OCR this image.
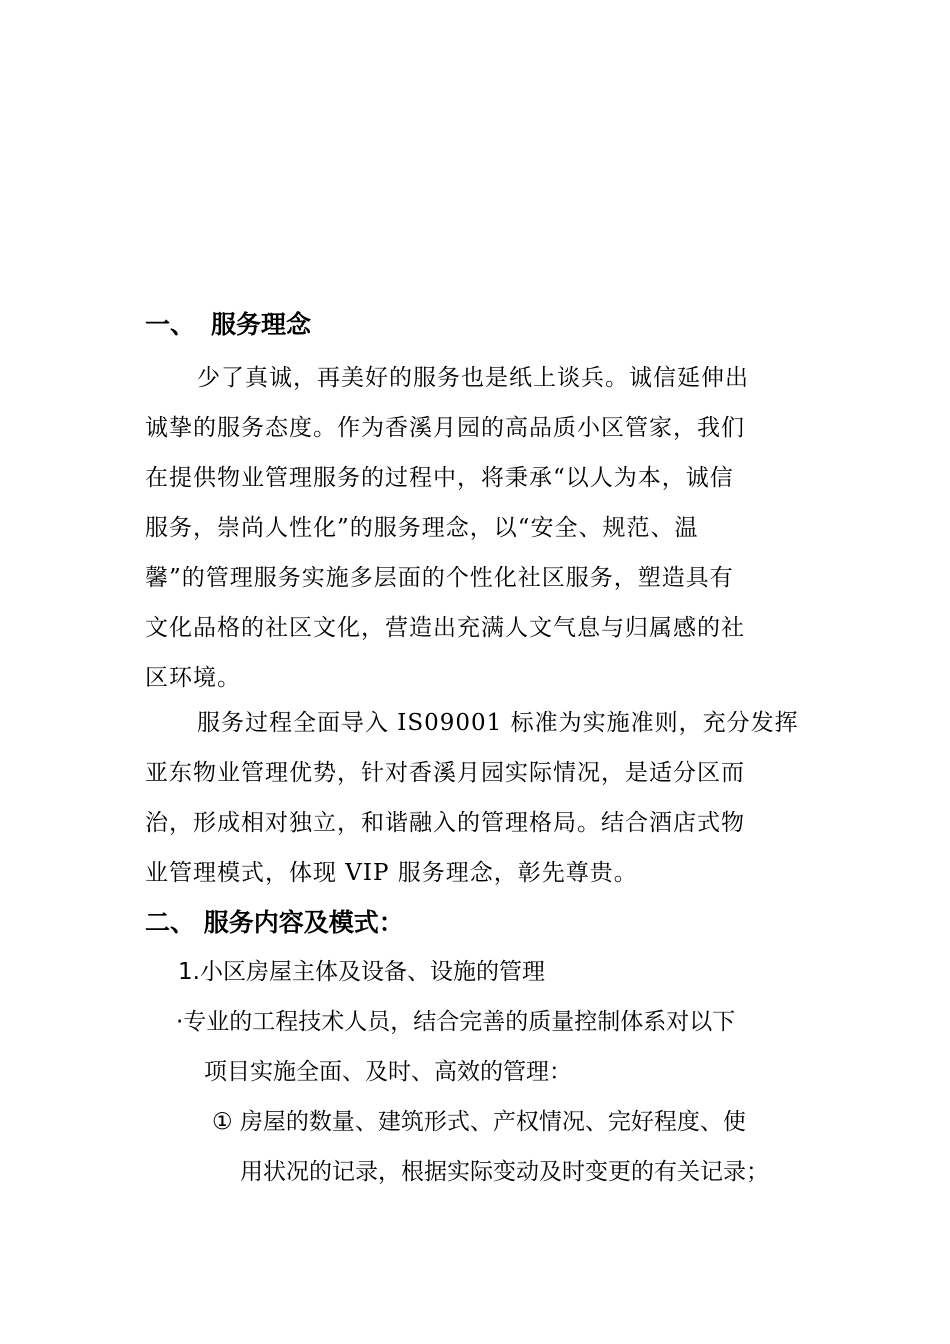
一、 服务理念
少了真诚，再美好的服务也是纸上谈兵。诚信延伸出
诚挚的服务态度。作为香溪月园的高品质小区管家，我们
在提供物业管理服务的过程中，将秉承“以人为本，诚信
服务，崇尚人性化”的服务理念，以“安全、规范、温
馨”的管理服务实施多层面的个性化社区服务，塑造具有
文化品格的社区文化，营造出充满人文气息与归属感的社
区环境。
服务过程全面导入 IS09001 标准为实施准则，充分发挥
亚东物业管理优势，针对香溪月园实际情况，是适分区而
治，形成相对独立，和谐融入的管理格局。结合酒店式物
业管理模式，体现 VIP 服务理念，彰先尊贵。
二、 服务内容及模式：
1.小区房屋主体及设备、设施的管理
·专业的工程技术人员，结合完善的质量控制体系对以下
项目实施全面、及时、高效的管理：
① 房屋的数量、建筑形式、产权情况、完好程度、使
用状况的记录，根据实际变动及时变更的有关记录；
